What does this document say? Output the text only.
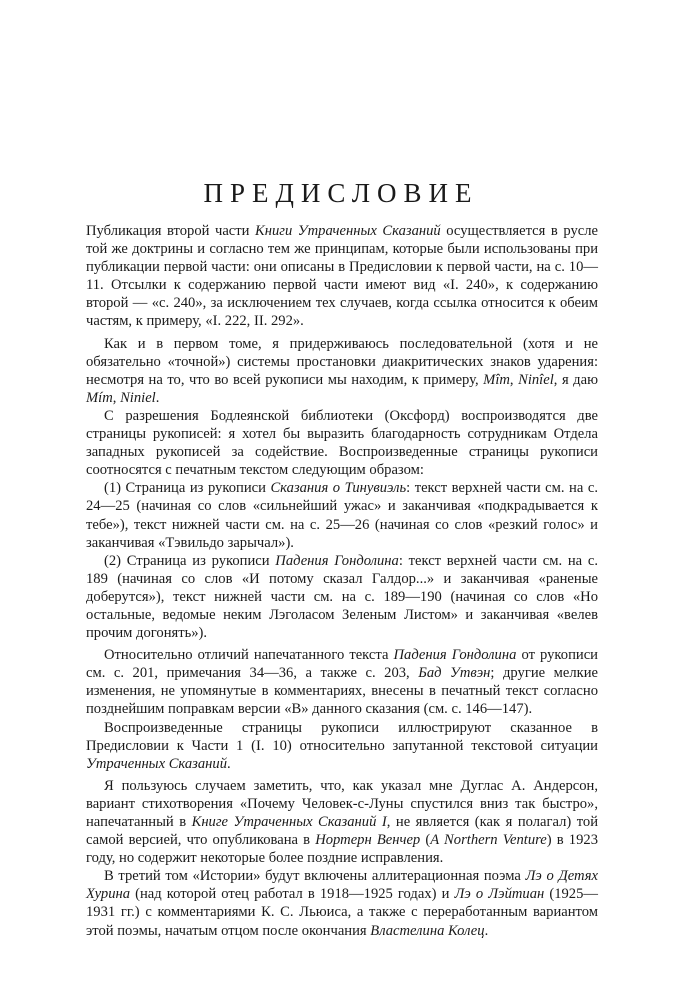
ПРЕДИСЛОВИЕ

Публикация второй части Книги Утраченных Сказаний осуществляется в русле той же доктрины и согласно тем же принципам, которые были использованы при публикации первой части: они описаны в Предисловии к первой части, на с. 10—11. Отсылки к содержанию первой части имеют вид «I. 240», к содержанию второй — «с. 240», за исключением тех случаев, когда ссылка относится к обеим частям, к примеру, «I. 222, II. 292».

Как и в первом томе, я придерживаюсь последовательной (хотя и не обязательно «точной») системы простановки диакритических знаков ударения: несмотря на то, что во всей рукописи мы находим, к примеру, Mîm, Ninîel, я даю Mím, Niniel.

С разрешения Бодлеянской библиотеки (Оксфорд) воспроизводятся две страницы рукописей: я хотел бы выразить благодарность сотрудникам Отдела западных рукописей за содействие. Воспроизведенные страницы рукописи соотносятся с печатным текстом следующим образом:

(1) Страница из рукописи Сказания о Тинувиэль: текст верхней части см. на с. 24—25 (начиная со слов «сильнейший ужас» и заканчивая «подкрадывается к тебе»), текст нижней части см. на с. 25—26 (начиная со слов «резкий голос» и заканчивая «Тэвильдо зарычал»).

(2) Страница из рукописи Падения Гондолина: текст верхней части см. на с. 189 (начиная со слов «И потому сказал Галдор...» и заканчивая «раненые доберутся»), текст нижней части см. на с. 189—190 (начиная со слов «Но остальные, ведомые неким Лэголасом Зеленым Листом» и заканчивая «велев прочим догонять»).

Относительно отличий напечатанного текста Падения Гондолина от рукописи см. с. 201, примечания 34—36, а также с. 203, Бад Утвэн; другие мелкие изменения, не упомянутые в комментариях, внесены в печатный текст согласно позднейшим поправкам версии «B» данного сказания (см. с. 146—147).

Воспроизведенные страницы рукописи иллюстрируют сказанное в Предисловии к Части 1 (I. 10) относительно запутанной текстовой ситуации Утраченных Сказаний.

Я пользуюсь случаем заметить, что, как указал мне Дуглас А. Андерсон, вариант стихотворения «Почему Человек-с-Луны спустился вниз так быстро», напечатанный в Книге Утраченных Сказаний I, не является (как я полагал) той самой версией, что опубликована в Нортерн Венчер (A Northern Venture) в 1923 году, но содержит некоторые более поздние исправления.

В третий том «Истории» будут включены аллитерационная поэма Лэ о Детях Хурина (над которой отец работал в 1918—1925 годах) и Лэ о Лэйтиан (1925—1931 гг.) с комментариями К. С. Льюиса, а также с переработанным вариантом этой поэмы, начатым отцом после окончания Властелина Колец.
